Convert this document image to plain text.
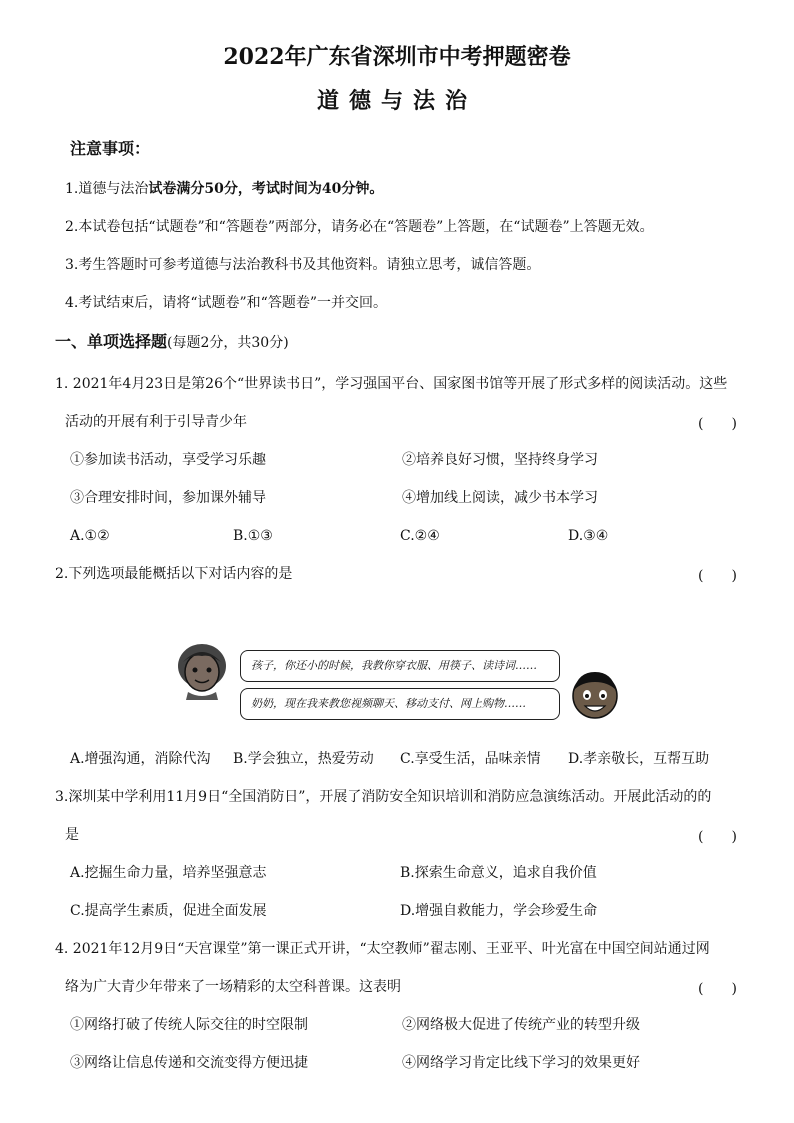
2022年广东省深圳市中考押题密卷
道德与法治
注意事项：
1.道德与法治试卷满分50分，考试时间为40分钟。
2.本试卷包括“试题卷”和“答题卷”两部分，请务必在“答题卷”上答题，在“试题卷”上答题无效。
3.考生答题时可参考道德与法治教科书及其他资料。请独立思考，诚信答题。
4.考试结束后，请将“试题卷”和“答题卷”一并交回。
一、单项选择题(每题2分，共30分)
1. 2021年4月23日是第26个“世界读书日”，学习强国平台、国家图书馆等开展了形式多样的阅读活动。这些
活动的开展有利于引导青少年	(　　)
①参加读书活动，享受学习乐趣	②培养良好习惯，坚持终身学习
③合理安排时间，参加课外辅导	④增加线上阅读，减少书本学习
A.①②	B.①③	C.②④	D.③④
2.下列选项最能概括以下对话内容的是	(　　)
孩子，你还小的时候，我教你穿衣服、用筷子、读诗词……
奶奶，现在我来教您视频聊天、移动支付、网上购物……
A.增强沟通，消除代沟 B.学会独立，热爱劳动 C.享受生活，品味亲情 D.孝亲敬长，互帮互助
3.深圳某中学利用11月9日“全国消防日”，开展了消防安全知识培训和消防应急演练活动。开展此活动的的
是	(　　)
A.挖掘生命力量，培养坚强意志	B.探索生命意义，追求自我价值
C.提高学生素质，促进全面发展	D.增强自救能力，学会珍爱生命
4. 2021年12月9日“天宫课堂”第一课正式开讲，“太空教师”翟志刚、王亚平、叶光富在中国空间站通过网
络为广大青少年带来了一场精彩的太空科普课。这表明	(　　)
①网络打破了传统人际交往的时空限制	②网络极大促进了传统产业的转型升级
③网络让信息传递和交流变得方便迅捷	④网络学习肯定比线下学习的效果更好
